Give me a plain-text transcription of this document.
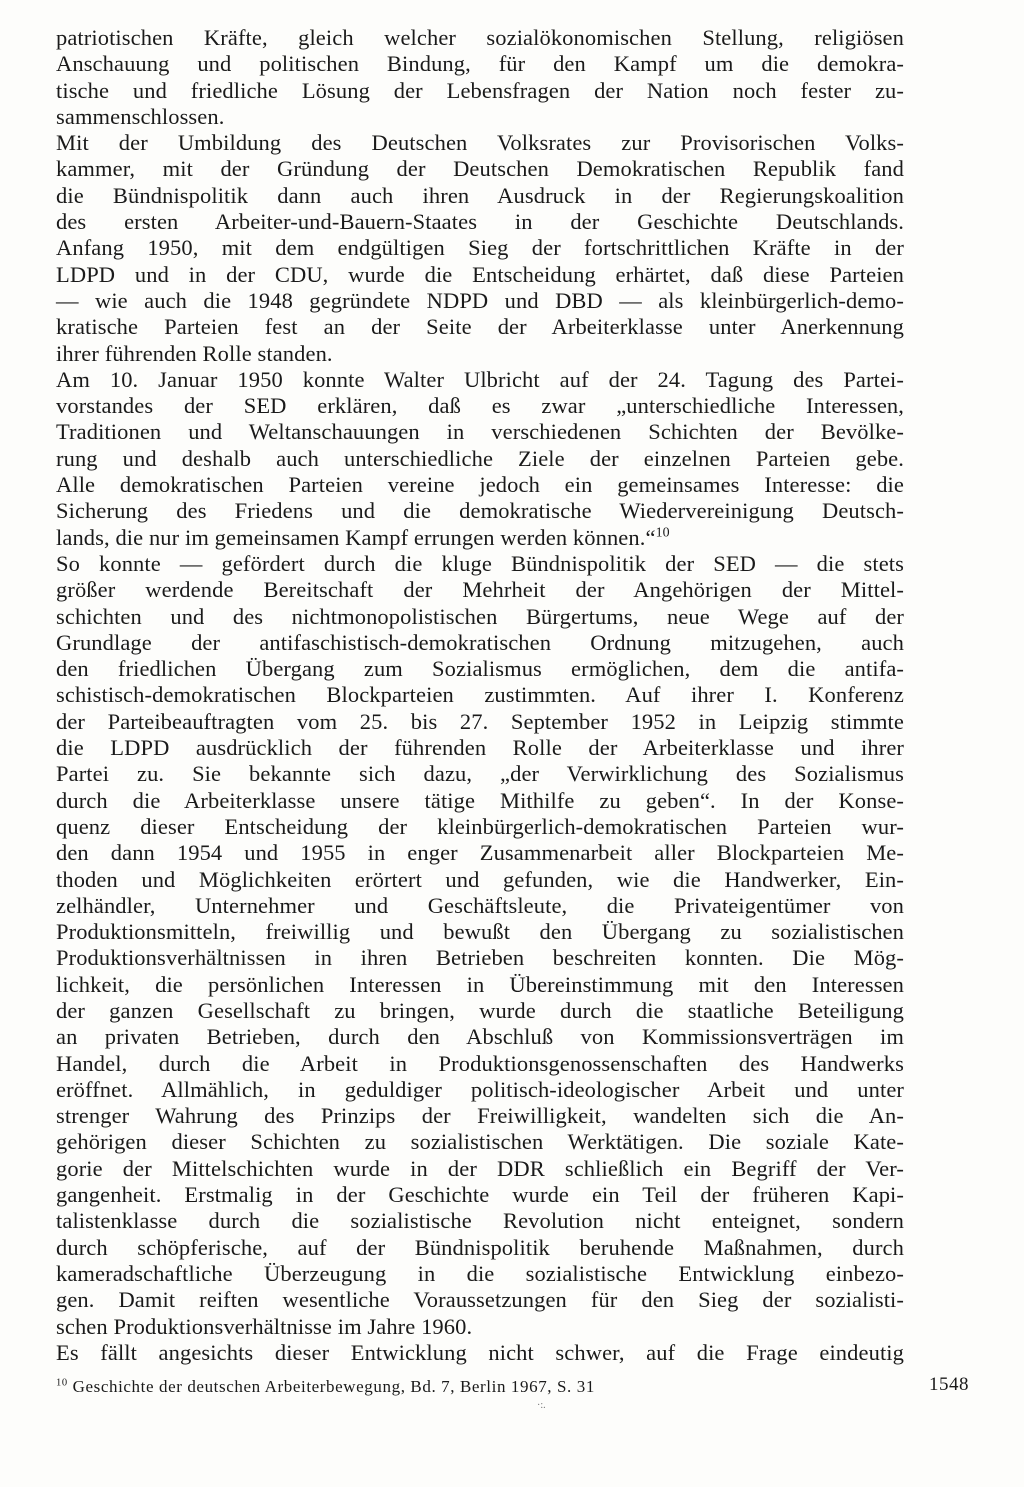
patriotischen Kräfte, gleich welcher sozialökonomischen Stellung, religiösen
Anschauung und politischen Bindung, für den Kampf um die demokra-
tische und friedliche Lösung der Lebensfragen der Nation noch fester zu-
sammenschlossen.
Mit der Umbildung des Deutschen Volksrates zur Provisorischen Volks-
kammer, mit der Gründung der Deutschen Demokratischen Republik fand
die Bündnispolitik dann auch ihren Ausdruck in der Regierungskoalition
des ersten Arbeiter-und-Bauern-Staates in der Geschichte Deutschlands.
Anfang 1950, mit dem endgültigen Sieg der fortschrittlichen Kräfte in der
LDPD und in der CDU, wurde die Entscheidung erhärtet, daß diese Parteien
— wie auch die 1948 gegründete NDPD und DBD — als kleinbürgerlich-demo-
kratische Parteien fest an der Seite der Arbeiterklasse unter Anerkennung
ihrer führenden Rolle standen.
Am 10. Januar 1950 konnte Walter Ulbricht auf der 24. Tagung des Partei-
vorstandes der SED erklären, daß es zwar „unterschiedliche Interessen,
Traditionen und Weltanschauungen in verschiedenen Schichten der Bevölke-
rung und deshalb auch unterschiedliche Ziele der einzelnen Parteien gebe.
Alle demokratischen Parteien vereine jedoch ein gemeinsames Interesse: die
Sicherung des Friedens und die demokratische Wiedervereinigung Deutsch-
lands, die nur im gemeinsamen Kampf errungen werden können.“$^{10}$
So konnte — gefördert durch die kluge Bündnispolitik der SED — die stets
größer werdende Bereitschaft der Mehrheit der Angehörigen der Mittel-
schichten und des nichtmonopolistischen Bürgertums, neue Wege auf der
Grundlage der antifaschistisch-demokratischen Ordnung mitzugehen, auch
den friedlichen Übergang zum Sozialismus ermöglichen, dem die antifa-
schistisch-demokratischen Blockparteien zustimmten. Auf ihrer I. Konferenz
der Parteibeauftragten vom 25. bis 27. September 1952 in Leipzig stimmte
die LDPD ausdrücklich der führenden Rolle der Arbeiterklasse und ihrer
Partei zu. Sie bekannte sich dazu, „der Verwirklichung des Sozialismus
durch die Arbeiterklasse unsere tätige Mithilfe zu geben“. In der Konse-
quenz dieser Entscheidung der kleinbürgerlich-demokratischen Parteien wur-
den dann 1954 und 1955 in enger Zusammenarbeit aller Blockparteien Me-
thoden und Möglichkeiten erörtert und gefunden, wie die Handwerker, Ein-
zelhändler, Unternehmer und Geschäftsleute, die Privateigentümer von
Produktionsmitteln, freiwillig und bewußt den Übergang zu sozialistischen
Produktionsverhältnissen in ihren Betrieben beschreiten konnten. Die Mög-
lichkeit, die persönlichen Interessen in Übereinstimmung mit den Interessen
der ganzen Gesellschaft zu bringen, wurde durch die staatliche Beteiligung
an privaten Betrieben, durch den Abschluß von Kommissionsverträgen im
Handel, durch die Arbeit in Produktionsgenossenschaften des Handwerks
eröffnet. Allmählich, in geduldiger politisch-ideologischer Arbeit und unter
strenger Wahrung des Prinzips der Freiwilligkeit, wandelten sich die An-
gehörigen dieser Schichten zu sozialistischen Werktätigen. Die soziale Kate-
gorie der Mittelschichten wurde in der DDR schließlich ein Begriff der Ver-
gangenheit. Erstmalig in der Geschichte wurde ein Teil der früheren Kapi-
talistenklasse durch die sozialistische Revolution nicht enteignet, sondern
durch schöpferische, auf der Bündnispolitik beruhende Maßnahmen, durch
kameradschaftliche Überzeugung in die sozialistische Entwicklung einbezo-
gen. Damit reiften wesentliche Voraussetzungen für den Sieg der sozialisti-
schen Produktionsverhältnisse im Jahre 1960.
Es fällt angesichts dieser Entwicklung nicht schwer, auf die Frage eindeutig
$^{10}$ Geschichte der deutschen Arbeiterbewegung, Bd. 7, Berlin 1967, S. 31	1548
·:.
